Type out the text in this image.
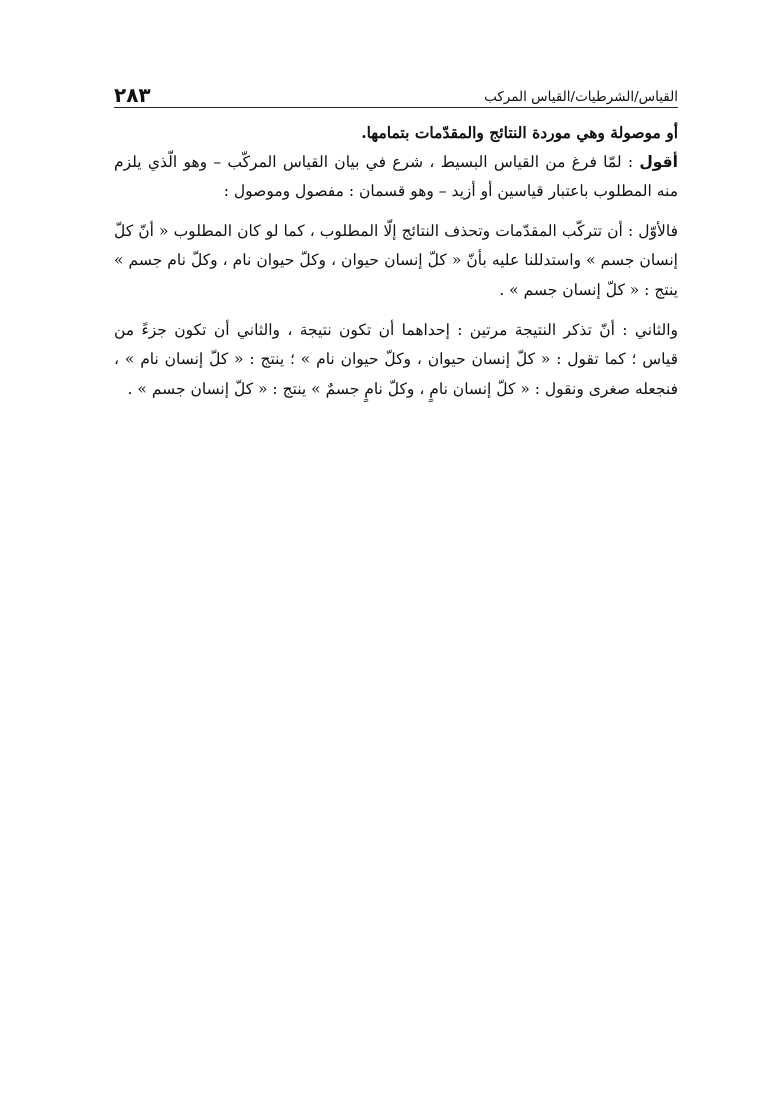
٢٨٣	القياس/الشرطيات/القياس المركب

أو موصولة وهي موردة النتائج والمقدّمات بتمامها.

أقول : لمّا فرغ من القياس البسيط ، شرع في بيان القياس المركّب – وهو الّذي يلزم منه المطلوب باعتبار قياسين أو أزيد – وهو قسمان : مفصول وموصول :

فالأوّل : أن تتركّب المقدّمات وتحذف النتائج إلّا المطلوب ، كما لو كان المطلوب « أنّ كلّ إنسان جسم » واستدللنا عليه بأنّ « كلّ إنسان حيوان ، وكلّ حيوان نام ، وكلّ نام جسم » ينتج : « كلّ إنسان جسم » .

والثاني : أنّ تذكر النتيجة مرتين : إحداهما أن تكون نتيجة ، والثاني أن تكون جزءً من قياس ؛ كما تقول : « كلّ إنسان حيوان ، وكلّ حيوان نام » ؛ ينتج : « كلّ إنسان نام » ، فنجعله صغرى ونقول : « كلّ إنسان نامٍ ، وكلّ نامٍ جسمٌ » ينتج : « كلّ إنسان جسم » .
